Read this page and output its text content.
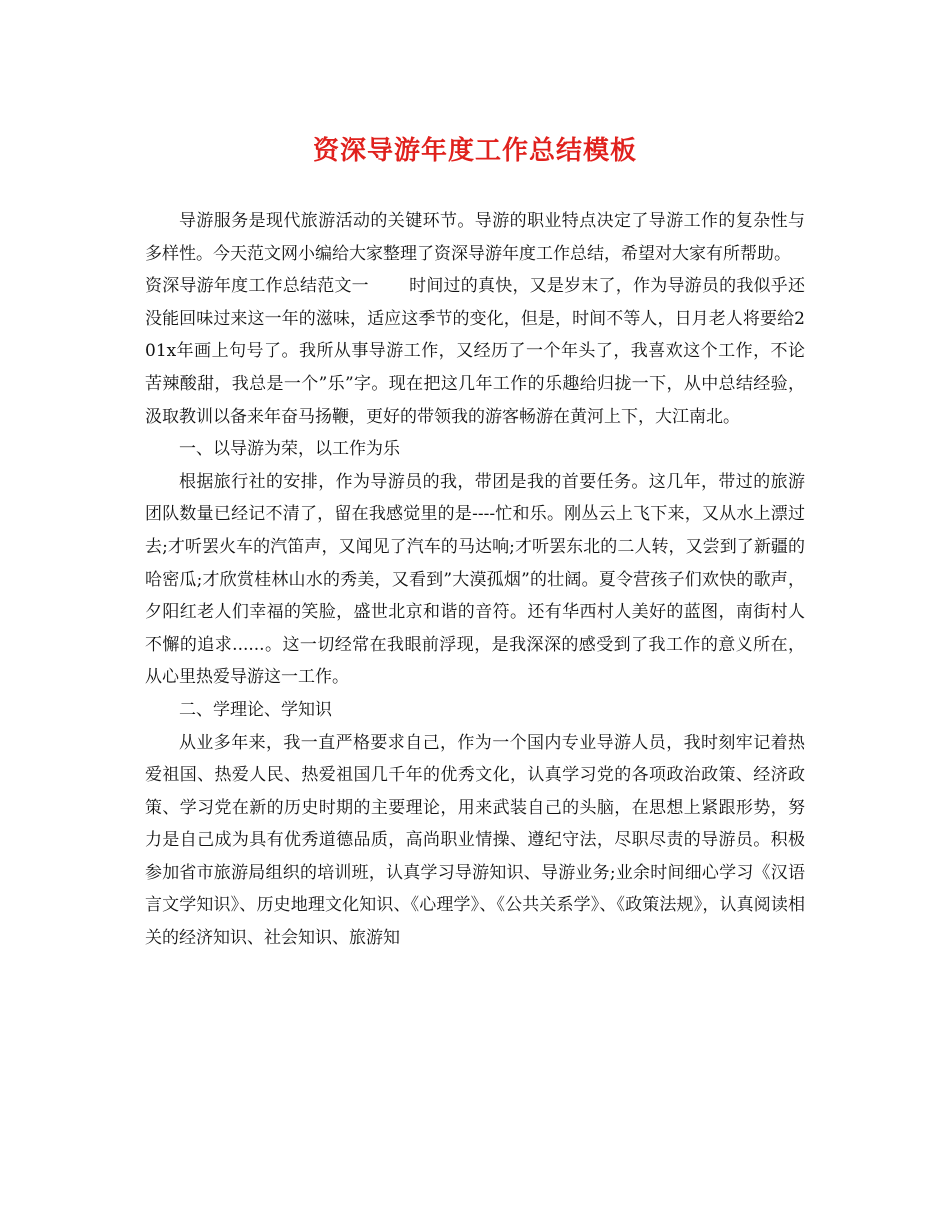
资深导游年度工作总结模板

导游服务是现代旅游活动的关键环节。导游的职业特点决定了导游工作的复杂性与多样性。今天范文网小编给大家整理了资深导游年度工作总结，希望对大家有所帮助。

资深导游年度工作总结范文一 时间过的真快，又是岁末了，作为导游员的我似乎还没能回味过来这一年的滋味，适应这季节的变化，但是，时间不等人，日月老人将要给201x年画上句号了。我所从事导游工作，又经历了一个年头了，我喜欢这个工作，不论苦辣酸甜，我总是一个”乐”字。现在把这几年工作的乐趣给归拢一下，从中总结经验，汲取教训以备来年奋马扬鞭，更好的带领我的游客畅游在黄河上下，大江南北。

一、以导游为荣，以工作为乐

根据旅行社的安排，作为导游员的我，带团是我的首要任务。这几年，带过的旅游团队数量已经记不清了，留在我感觉里的是----忙和乐。刚丛云上飞下来，又从水上漂过去;才听罢火车的汽笛声，又闻见了汽车的马达响;才听罢东北的二人转，又尝到了新疆的哈密瓜;才欣赏桂林山水的秀美，又看到”大漠孤烟”的壮阔。夏令营孩子们欢快的歌声，夕阳红老人们幸福的笑脸，盛世北京和谐的音符。还有华西村人美好的蓝图，南街村人不懈的追求......。这一切经常在我眼前浮现，是我深深的感受到了我工作的意义所在，从心里热爱导游这一工作。

二、学理论、学知识

从业多年来，我一直严格要求自己，作为一个国内专业导游人员，我时刻牢记着热爱祖国、热爱人民、热爱祖国几千年的优秀文化，认真学习党的各项政治政策、经济政策、学习党在新的历史时期的主要理论，用来武装自己的头脑，在思想上紧跟形势，努力是自己成为具有优秀道德品质，高尚职业情操、遵纪守法，尽职尽责的导游员。积极参加省市旅游局组织的培训班，认真学习导游知识、导游业务;业余时间细心学习《汉语言文学知识》、历史地理文化知识、《心理学》、《公共关系学》、《政策法规》，认真阅读相关的经济知识、社会知识、旅游知
